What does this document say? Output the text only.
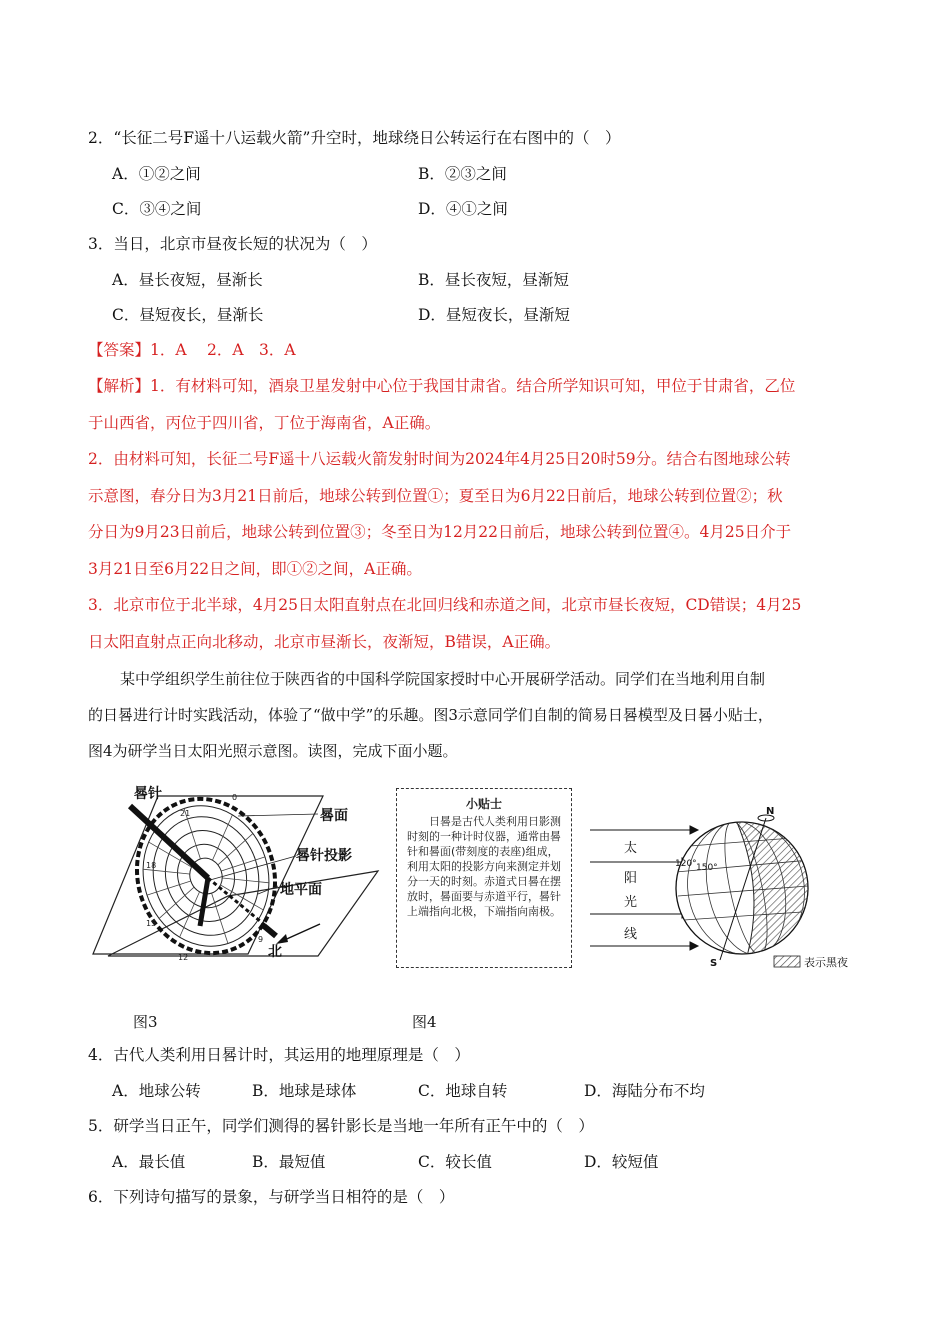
2．“长征二号F遥十八运载火箭”升空时，地球绕日公转运行在右图中的（　）
A．①②之间	B．②③之间
C．③④之间	D．④①之间
3．当日，北京市昼夜长短的状况为（　）
A．昼长夜短，昼渐长	B．昼长夜短，昼渐短
C．昼短夜长，昼渐长	D．昼短夜长，昼渐短
【答案】1．A　 2．A　3．A
【解析】1．有材料可知，酒泉卫星发射中心位于我国甘肃省。结合所学知识可知，甲位于甘肃省，乙位
于山西省，丙位于四川省，丁位于海南省，A正确。
2．由材料可知，长征二号F遥十八运载火箭发射时间为2024年4月25日20时59分。结合右图地球公转
示意图，春分日为3月21日前后，地球公转到位置①；夏至日为6月22日前后，地球公转到位置②；秋
分日为9月23日前后，地球公转到位置③；冬至日为12月22日前后，地球公转到位置④。4月25日介于
3月21日至6月22日之间，即①②之间，A正确。
3．北京市位于北半球，4月25日太阳直射点在北回归线和赤道之间，北京市昼长夜短，CD错误；4月25
日太阳直射点正向北移动，北京市昼渐长，夜渐短，B错误，A正确。
某中学组织学生前往位于陕西省的中国科学院国家授时中心开展研学活动。同学们在当地利用自制
的日晷进行计时实践活动，体验了“做中学”的乐趣。图3示意同学们自制的简易日晷模型及日晷小贴士，
图4为研学当日太阳光照示意图。读图，完成下面小题。
0
21
18
15
12
9
晷针
晷面
晷针投影
地平面
北
小贴士
日晷是古代人类利用日影测时刻的一种计时仪器，通常由晷针和晷面(带刻度的表座)组成，利用太阳的投影方向来测定并划分一天的时刻。赤道式日晷在摆放时，晷面要与赤道平行，晷针上端指向北极，下端指向南极。
太
阳
光
线
N
S
120° 150°
表示黑夜
图3	图4
4．古代人类利用日晷计时，其运用的地理原理是（　）
A．地球公转	B．地球是球体	C．地球自转	D．海陆分布不均
5．研学当日正午，同学们测得的晷针影长是当地一年所有正午中的（　）
A．最长值	B．最短值	C．较长值	D．较短值
6．下列诗句描写的景象，与研学当日相符的是（　）
